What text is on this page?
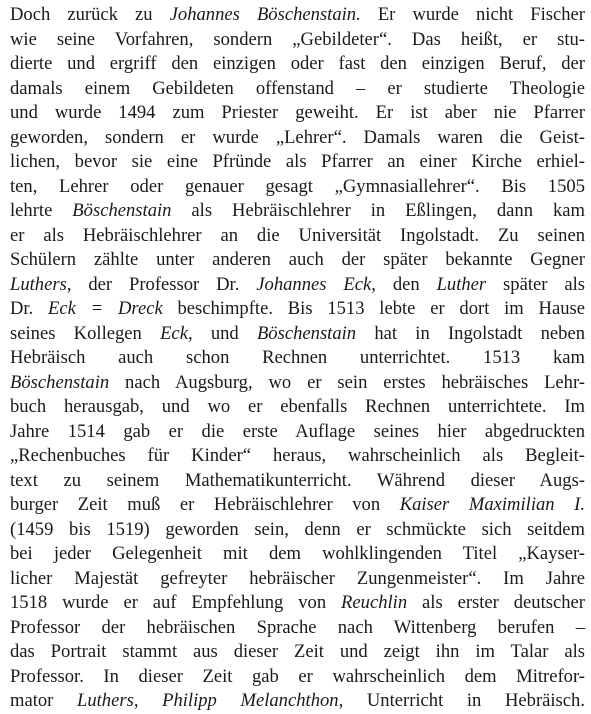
Doch zurück zu Johannes Böschenstain. Er wurde nicht Fischer
wie seine Vorfahren, sondern „Gebildeter“. Das heißt, er stu-
dierte und ergriff den einzigen oder fast den einzigen Beruf, der
damals einem Gebildeten offenstand – er studierte Theologie
und wurde 1494 zum Priester geweiht. Er ist aber nie Pfarrer
geworden, sondern er wurde „Lehrer“. Damals waren die Geist-
lichen, bevor sie eine Pfründe als Pfarrer an einer Kirche erhiel-
ten, Lehrer oder genauer gesagt „Gymnasiallehrer“. Bis 1505
lehrte Böschenstain als Hebräischlehrer in Eßlingen, dann kam
er als Hebräischlehrer an die Universität Ingolstadt. Zu seinen
Schülern zählte unter anderen auch der später bekannte Gegner
Luthers, der Professor Dr. Johannes Eck, den Luther später als
Dr. Eck = Dreck beschimpfte. Bis 1513 lebte er dort im Hause
seines Kollegen Eck, und Böschenstain hat in Ingolstadt neben
Hebräisch auch schon Rechnen unterrichtet. 1513 kam
Böschenstain nach Augsburg, wo er sein erstes hebräisches Lehr-
buch herausgab, und wo er ebenfalls Rechnen unterrichtete. Im
Jahre 1514 gab er die erste Auflage seines hier abgedruckten
„Rechenbuches für Kinder“ heraus, wahrscheinlich als Begleit-
text zu seinem Mathematikunterricht. Während dieser Augs-
burger Zeit muß er Hebräischlehrer von Kaiser Maximilian I.
(1459 bis 1519) geworden sein, denn er schmückte sich seitdem
bei jeder Gelegenheit mit dem wohlklingenden Titel „Kayser-
licher Majestät gefreyter hebräischer Zungenmeister“. Im Jahre
1518 wurde er auf Empfehlung von Reuchlin als erster deutscher
Professor der hebräischen Sprache nach Wittenberg berufen –
das Portrait stammt aus dieser Zeit und zeigt ihn im Talar als
Professor. In dieser Zeit gab er wahrscheinlich dem Mitrefor-
mator Luthers, Philipp Melanchthon, Unterricht in Hebräisch.
